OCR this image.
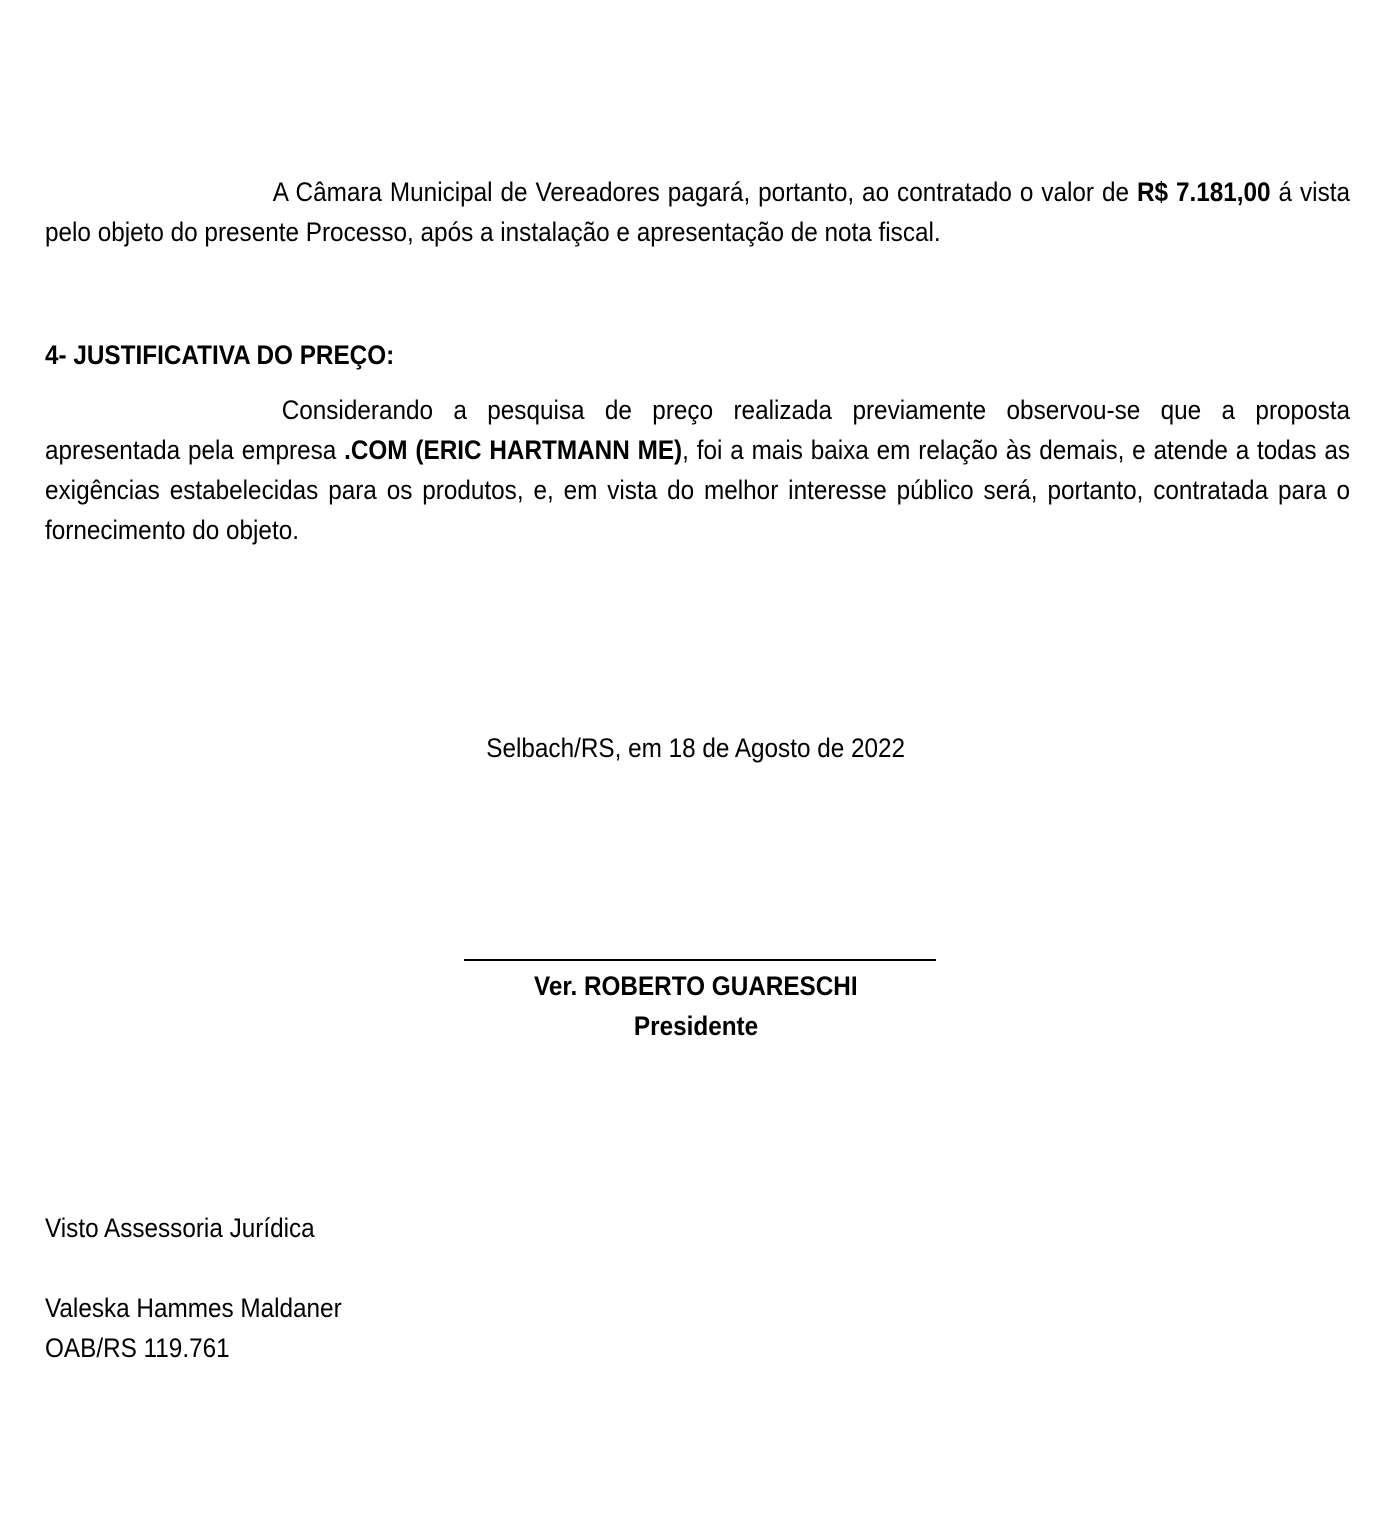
A Câmara Municipal de Vereadores pagará, portanto, ao contratado o valor de R$ 7.181,00 á vista pelo objeto do presente Processo, após a instalação e apresentação de nota fiscal.

4- JUSTIFICATIVA DO PREÇO:

Considerando a pesquisa de preço realizada previamente observou-se que a proposta apresentada pela empresa .COM (ERIC HARTMANN ME), foi a mais baixa em relação às demais, e atende a todas as exigências estabelecidas para os produtos, e, em vista do melhor interesse público será, portanto, contratada para o fornecimento do objeto.

Selbach/RS, em 18 de Agosto de 2022
Ver. ROBERTO GUARESCHI
Presidente

Visto Assessoria Jurídica

Valeska Hammes Maldaner

OAB/RS 119.761
